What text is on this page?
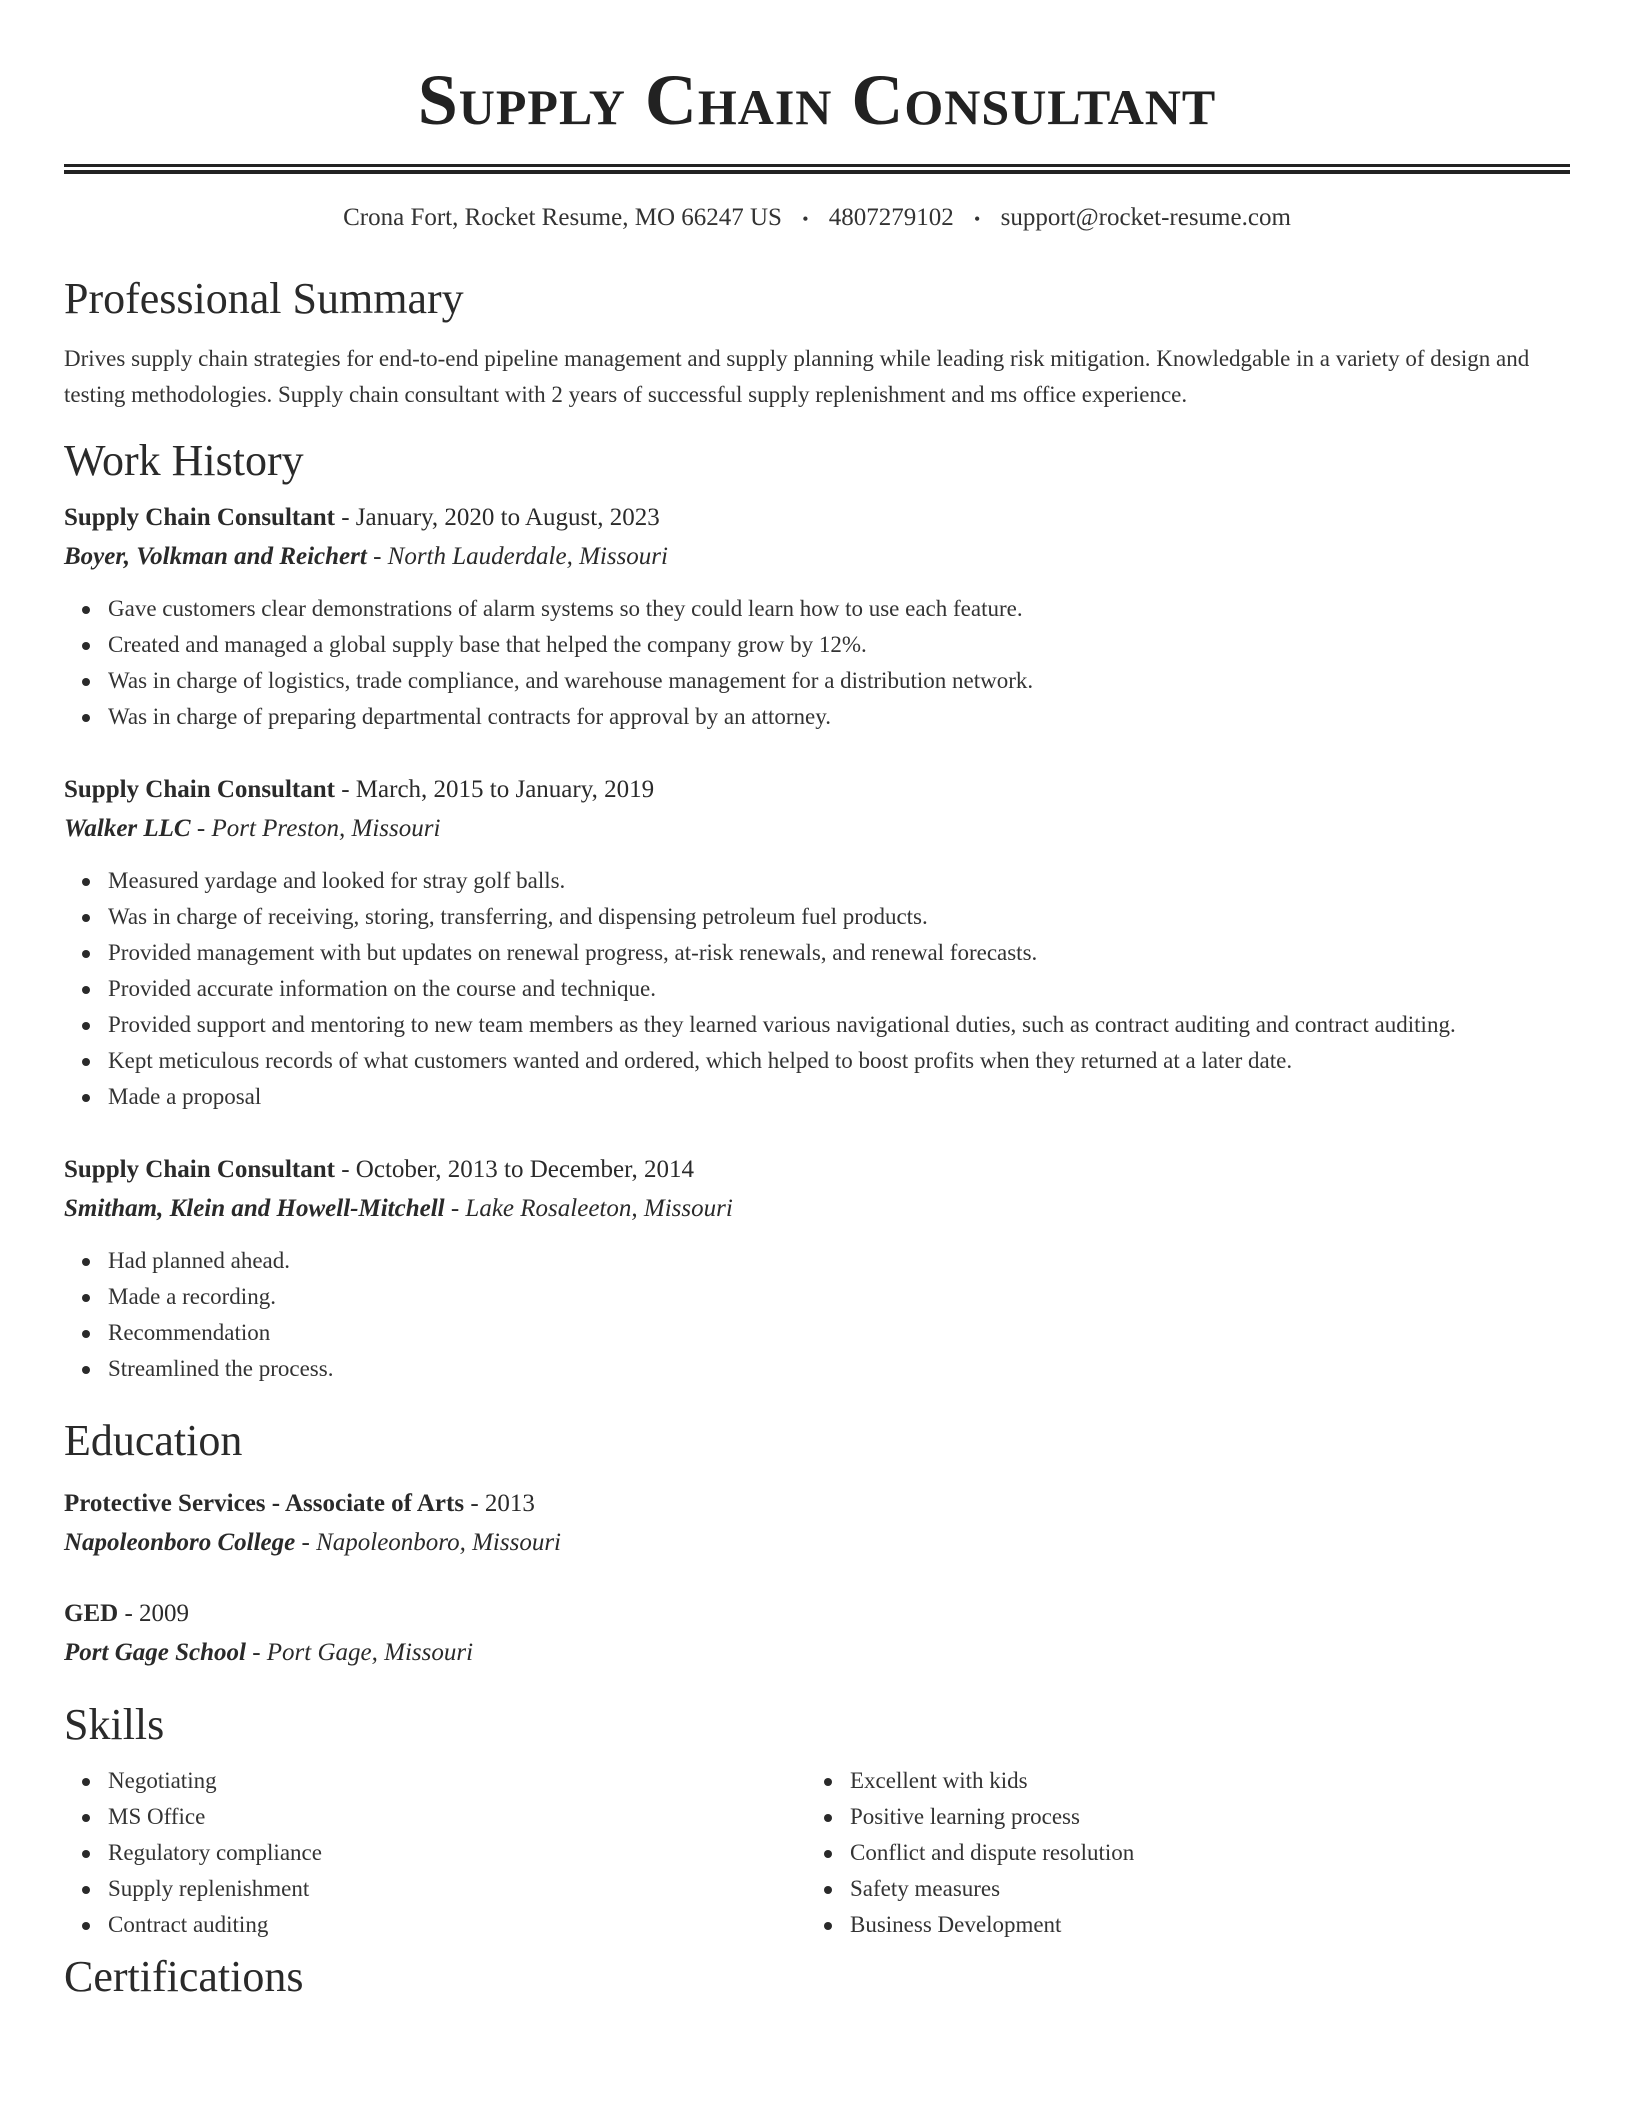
Supply Chain Consultant
Crona Fort, Rocket Resume, MO 66247 US • 4807279102 • support@rocket-resume.com
Professional Summary
Drives supply chain strategies for end-to-end pipeline management and supply planning while leading risk mitigation. Knowledgable in a variety of design and testing methodologies. Supply chain consultant with 2 years of successful supply replenishment and ms office experience.
Work History
Supply Chain Consultant - January, 2020 to August, 2023
Boyer, Volkman and Reichert - North Lauderdale, Missouri
Gave customers clear demonstrations of alarm systems so they could learn how to use each feature.
Created and managed a global supply base that helped the company grow by 12%.
Was in charge of logistics, trade compliance, and warehouse management for a distribution network.
Was in charge of preparing departmental contracts for approval by an attorney.
Supply Chain Consultant - March, 2015 to January, 2019
Walker LLC - Port Preston, Missouri
Measured yardage and looked for stray golf balls.
Was in charge of receiving, storing, transferring, and dispensing petroleum fuel products.
Provided management with but updates on renewal progress, at-risk renewals, and renewal forecasts.
Provided accurate information on the course and technique.
Provided support and mentoring to new team members as they learned various navigational duties, such as contract auditing and contract auditing.
Kept meticulous records of what customers wanted and ordered, which helped to boost profits when they returned at a later date.
Made a proposal
Supply Chain Consultant - October, 2013 to December, 2014
Smitham, Klein and Howell-Mitchell - Lake Rosaleeton, Missouri
Had planned ahead.
Made a recording.
Recommendation
Streamlined the process.
Education
Protective Services - Associate of Arts - 2013
Napoleonboro College - Napoleonboro, Missouri
GED - 2009
Port Gage School - Port Gage, Missouri
Skills
Negotiating
MS Office
Regulatory compliance
Supply replenishment
Contract auditing
Excellent with kids
Positive learning process
Conflict and dispute resolution
Safety measures
Business Development
Certifications
